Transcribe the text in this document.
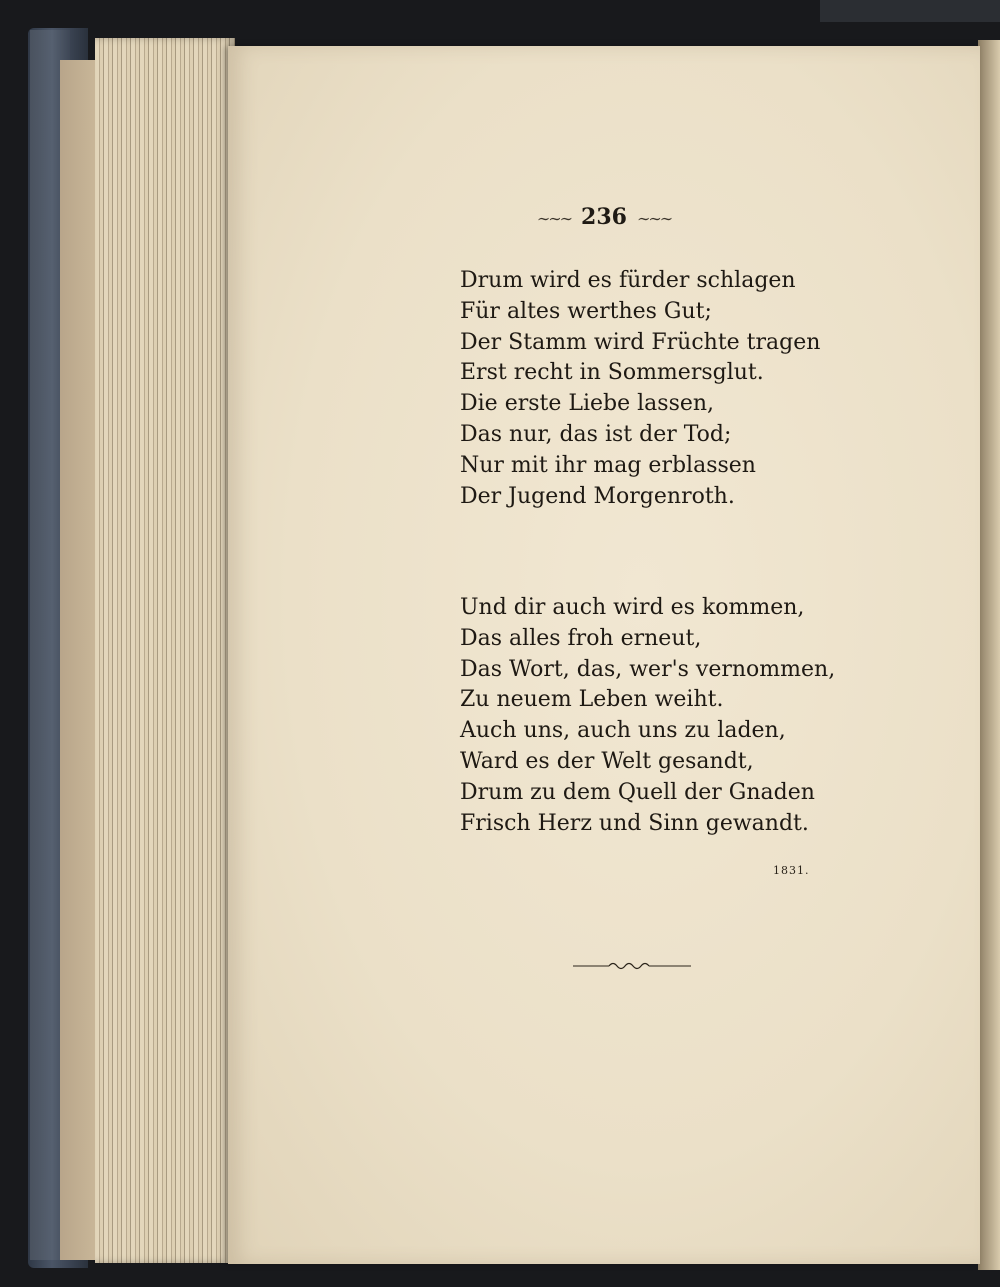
∼∼∼ 236 ∼∼∼
Drum wird es fürder schlagen
Für altes werthes Gut;
Der Stamm wird Früchte tragen
Erst recht in Sommersglut.
Die erste Liebe lassen,
Das nur, das ist der Tod;
Nur mit ihr mag erblassen
Der Jugend Morgenroth.
Und dir auch wird es kommen,
Das alles froh erneut,
Das Wort, das, wer's vernommen,
Zu neuem Leben weiht.
Auch uns, auch uns zu laden,
Ward es der Welt gesandt,
Drum zu dem Quell der Gnaden
Frisch Herz und Sinn gewandt.
1831.
